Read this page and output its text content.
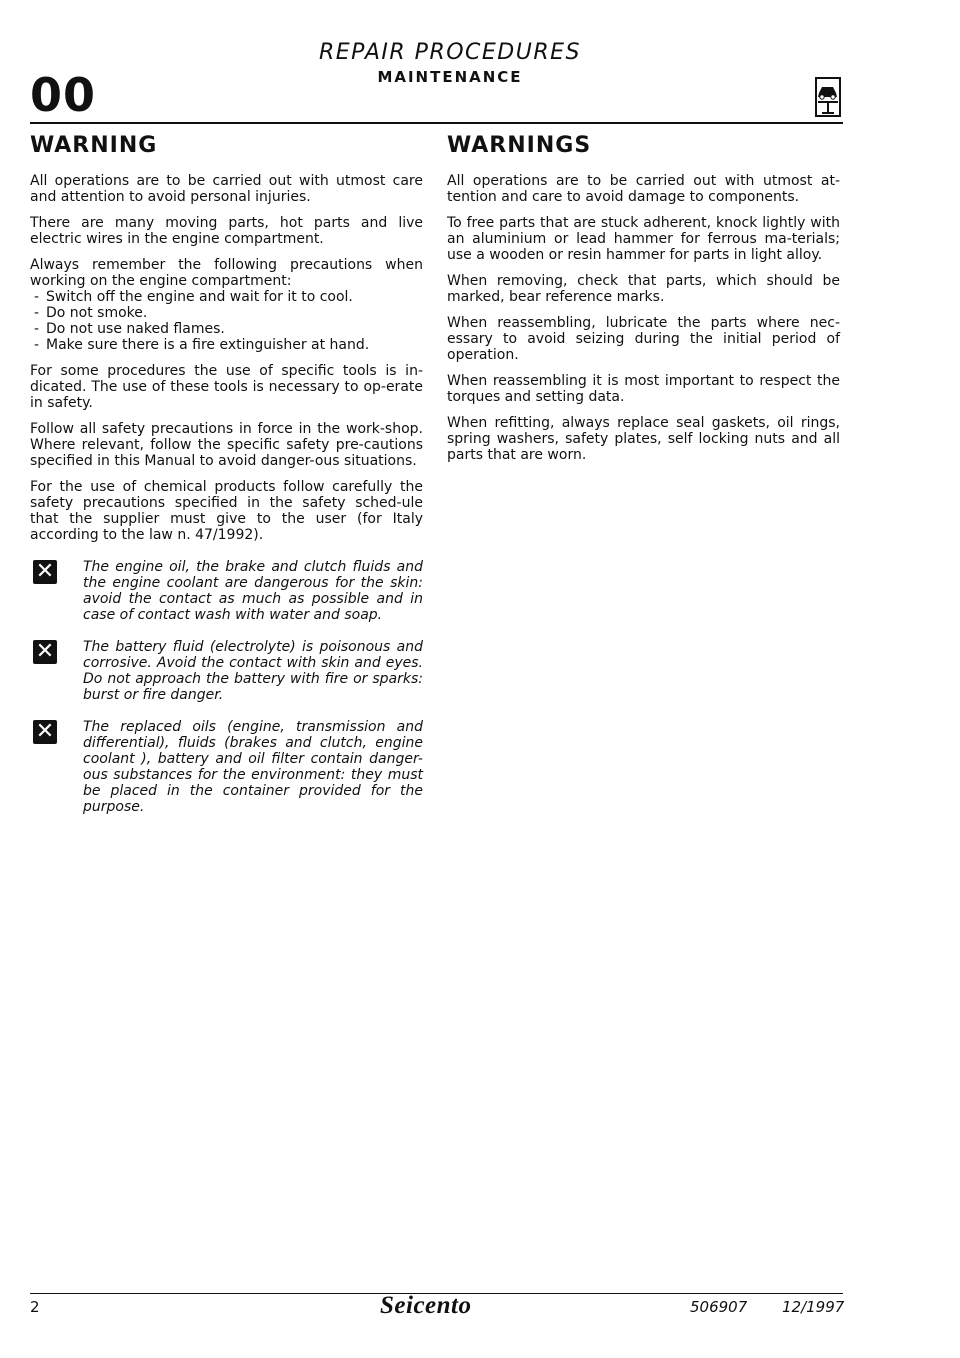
00
REPAIR PROCEDURES
MAINTENANCE
WARNING

All operations are to be carried out with utmost care and attention to avoid personal injuries.

There are many moving parts, hot parts and live electric wires in the engine compartment.

Always remember the following precautions when working on the engine compartment:

- Switch off the engine and wait for it to cool.
- Do not smoke.
- Do not use naked flames.
- Make sure there is a fire extinguisher at hand.

For some procedures the use of specific tools is in-dicated. The use of these tools is necessary to op-erate in safety.

Follow all safety precautions in force in the work-shop. Where relevant, follow the specific safety pre-cautions specified in this Manual to avoid danger-ous situations.

For the use of chemical products follow carefully the safety precautions specified in the safety sched-ule that the supplier must give to the user (for Italy according to the law n. 47/1992).

✕ The engine oil, the brake and clutch fluids and the engine coolant are dangerous for the skin: avoid the contact as much as possible and in case of contact wash with water and soap.

✕ The battery fluid (electrolyte) is poisonous and corrosive. Avoid the contact with skin and eyes. Do not approach the battery with fire or sparks: burst or fire danger.

✕ The replaced oils (engine, transmission and differential), fluids (brakes and clutch, engine coolant ), battery and oil filter contain danger-ous substances for the environment: they must be placed in the container provided for the purpose.

WARNINGS

All operations are to be carried out with utmost at-tention and care to avoid damage to components.

To free parts that are stuck adherent, knock lightly with an aluminium or lead hammer for ferrous ma-terials; use a wooden or resin hammer for parts in light alloy.

When removing, check that parts, which should be marked, bear reference marks.

When reassembling, lubricate the parts where nec-essary to avoid seizing during the initial period of operation.

When reassembling it is most important to respect the torques and setting data.

When refitting, always replace seal gaskets, oil rings, spring washers, safety plates, self locking nuts and all parts that are worn.

2	Seicento	506907 12/1997
